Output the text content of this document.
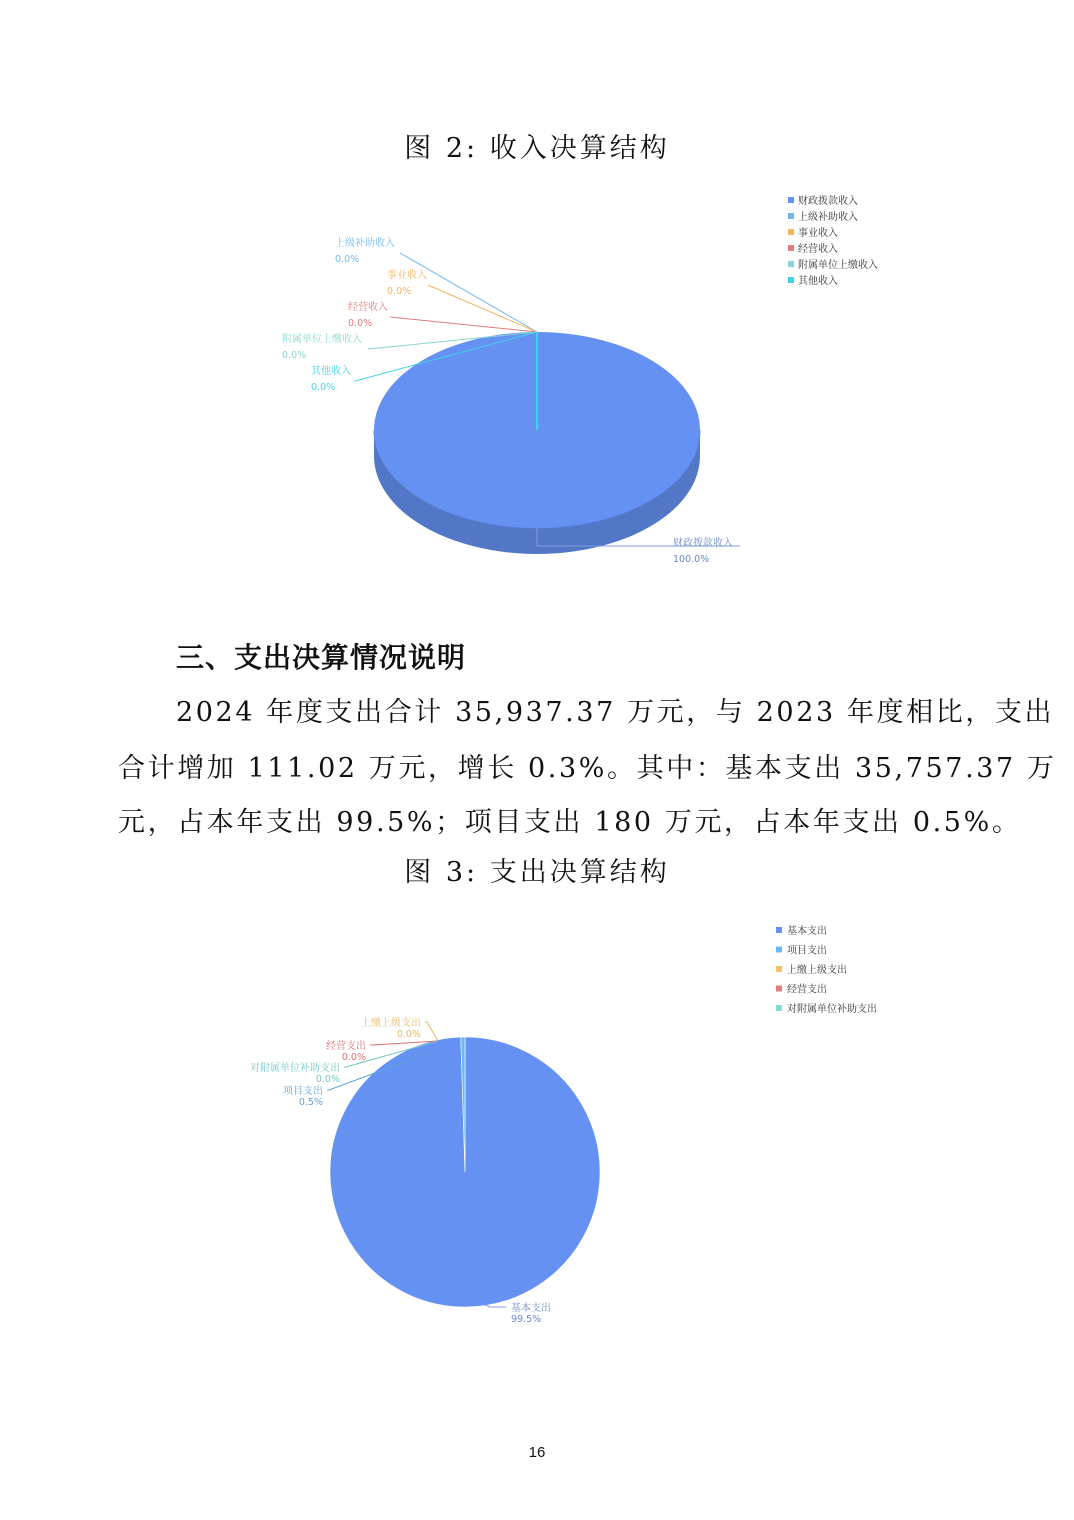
图 2: 收入决算结构
财政拨款收入
上级补助收入
事业收入
经营收入
附属单位上缴收入
其他收入
财政拨款收入
100.0%
上级补助收入
0.0%
事业收入
0.0%
经营收入
0.0%
附属单位上缴收入
0.0%
其他收入
0.0%
三、支出决算情况说明
2024 年度支出合计 35,937.37 万元，与 2023 年度相比，支出
合计增加 111.02 万元，增长 0.3%。其中：基本支出 35,757.37 万
元，占本年支出 99.5%；项目支出 180 万元，占本年支出 0.5%。
图 3: 支出决算结构
基本支出
项目支出
上缴上级支出
经营支出
对附属单位补助支出
基本支出
99.5%
项目支出
0.5%
上缴上级支出
0.0%
经营支出
0.0%
对附属单位补助支出
0.0%
16
